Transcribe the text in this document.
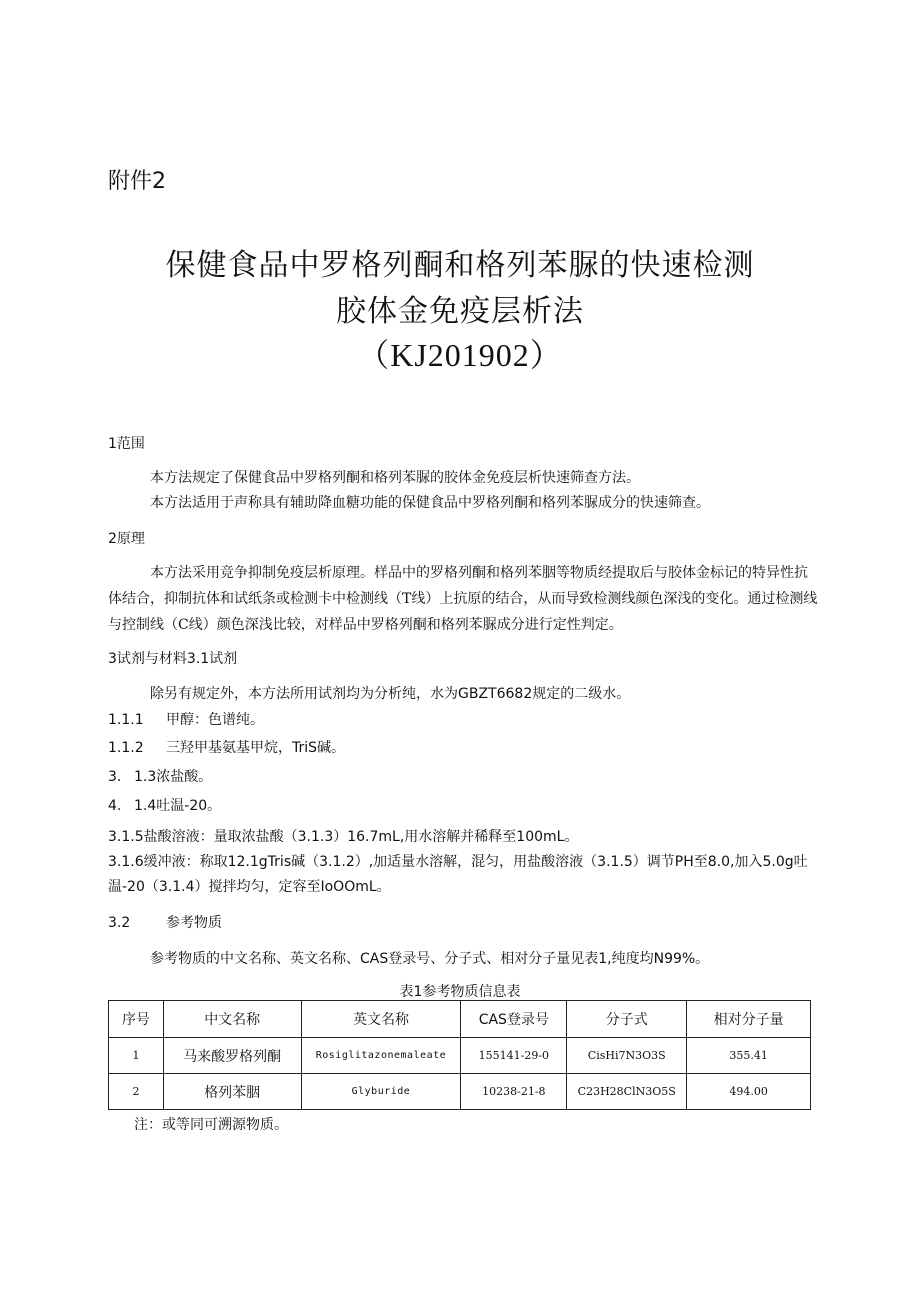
附件2
保健食品中罗格列酮和格列苯脲的快速检测
胶体金免疫层析法
（KJ201902）
1范围
本方法规定了保健食品中罗格列酮和格列苯脲的胶体金免疫层析快速筛查方法。
本方法适用于声称具有辅助降血糖功能的保健食品中罗格列酮和格列苯脲成分的快速筛查。
2原理
本方法采用竞争抑制免疫层析原理。样品中的罗格列酮和格列苯胭等物质经提取后与胶体金标记的特异性抗体结合，抑制抗体和试纸条或检测卡中检测线（T线）上抗原的结合，从而导致检测线颜色深浅的变化。通过检测线与控制线（C线）颜色深浅比较，对样品中罗格列酮和格列苯脲成分进行定性判定。
3试剂与材料3.1试剂
除另有规定外，本方法所用试剂均为分析纯，水为GBZT6682规定的二级水。
1.1.1 甲醇：色谱纯。
1.1.2 三羟甲基氨基甲烷，TriS碱。
3. 1.3浓盐酸。
4. 1.4吐温-20。
3.1.5盐酸溶液：量取浓盐酸（3.1.3）16.7mL,用水溶解并稀释至100mL。
3.1.6缓冲液：称取12.1gTris碱（3.1.2）,加适量水溶解，混匀，用盐酸溶液（3.1.5）调节PH至8.0,加入5.0g吐温-20（3.1.4）搅拌均匀，定容至IoOOmL。
3.2	参考物质
参考物质的中文名称、英文名称、CAS登录号、分子式、相对分子量见表1,纯度均N99%。
表1参考物质信息表
序号	中文名称	英文名称	CAS登录号	分子式	相对分子量
1	马来酸罗格列酮	Rosiglitazonemaleate	155141-29-0	CisHi7N3O3S	355.41
2	格列苯胭	Glyburide	10238-21-8	C23H28ClN3O5S	494.00
注：或等同可溯源物质。
